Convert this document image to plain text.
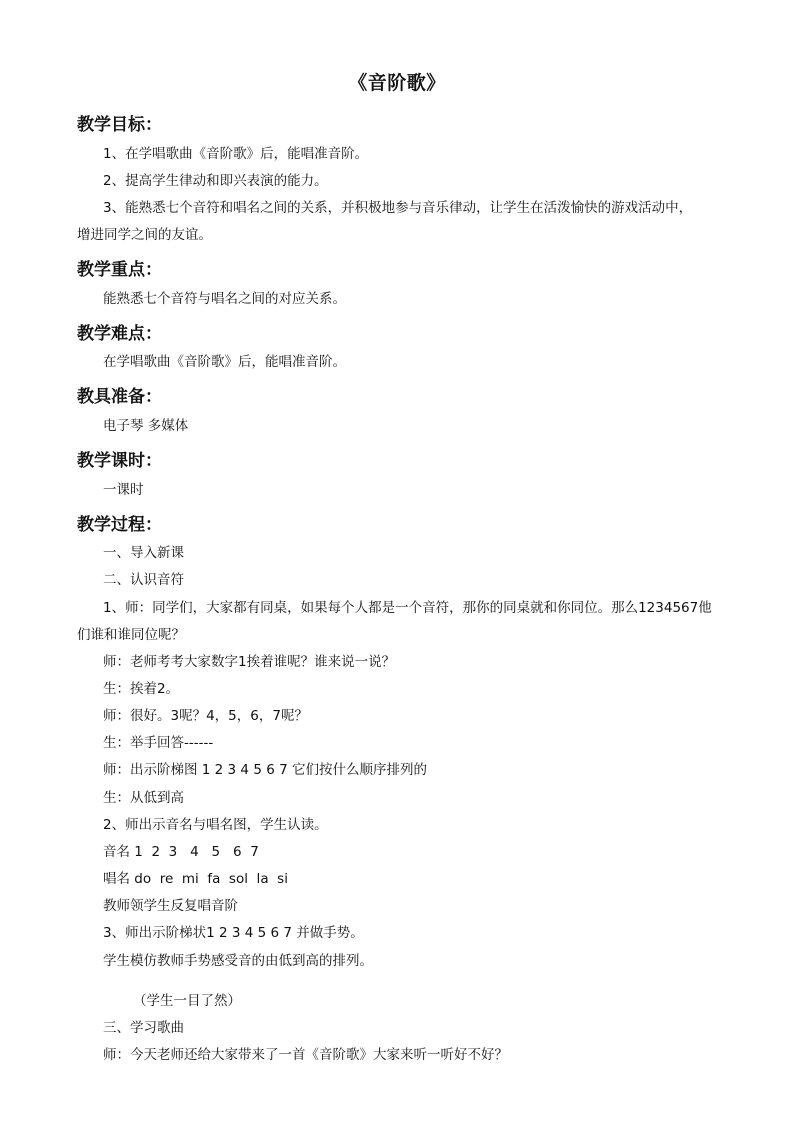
《音阶歌》
教学目标：
1、在学唱歌曲《音阶歌》后，能唱准音阶。
2、提高学生律动和即兴表演的能力。
3、能熟悉七个音符和唱名之间的关系，并积极地参与音乐律动，让学生在活泼愉快的游戏活动中，
增进同学之间的友谊。
教学重点：
能熟悉七个音符与唱名之间的对应关系。
教学难点：
在学唱歌曲《音阶歌》后，能唱准音阶。
教具准备：
电子琴 多媒体
教学课时：
一课时
教学过程：
一、导入新课
二、认识音符
1、师：同学们，大家都有同桌，如果每个人都是一个音符，那你的同桌就和你同位。那么1234567他
们谁和谁同位呢？
师：老师考考大家数字1挨着谁呢？谁来说一说？
生：挨着2。
师：很好。3呢？4，5，6，7呢？
生：举手回答------
师：出示阶梯图 1 2 3 4 5 6 7 它们按什么顺序排列的
生：从低到高
2、师出示音名与唱名图，学生认读。
音名 1  2  3   4   5   6  7
唱名 do  re  mi  fa  sol  la  si
教师领学生反复唱音阶
3、师出示阶梯状1 2 3 4 5 6 7 并做手势。
学生模仿教师手势感受音的由低到高的排列。
（学生一目了然）
三、学习歌曲
师：今天老师还给大家带来了一首《音阶歌》大家来听一听好不好？
